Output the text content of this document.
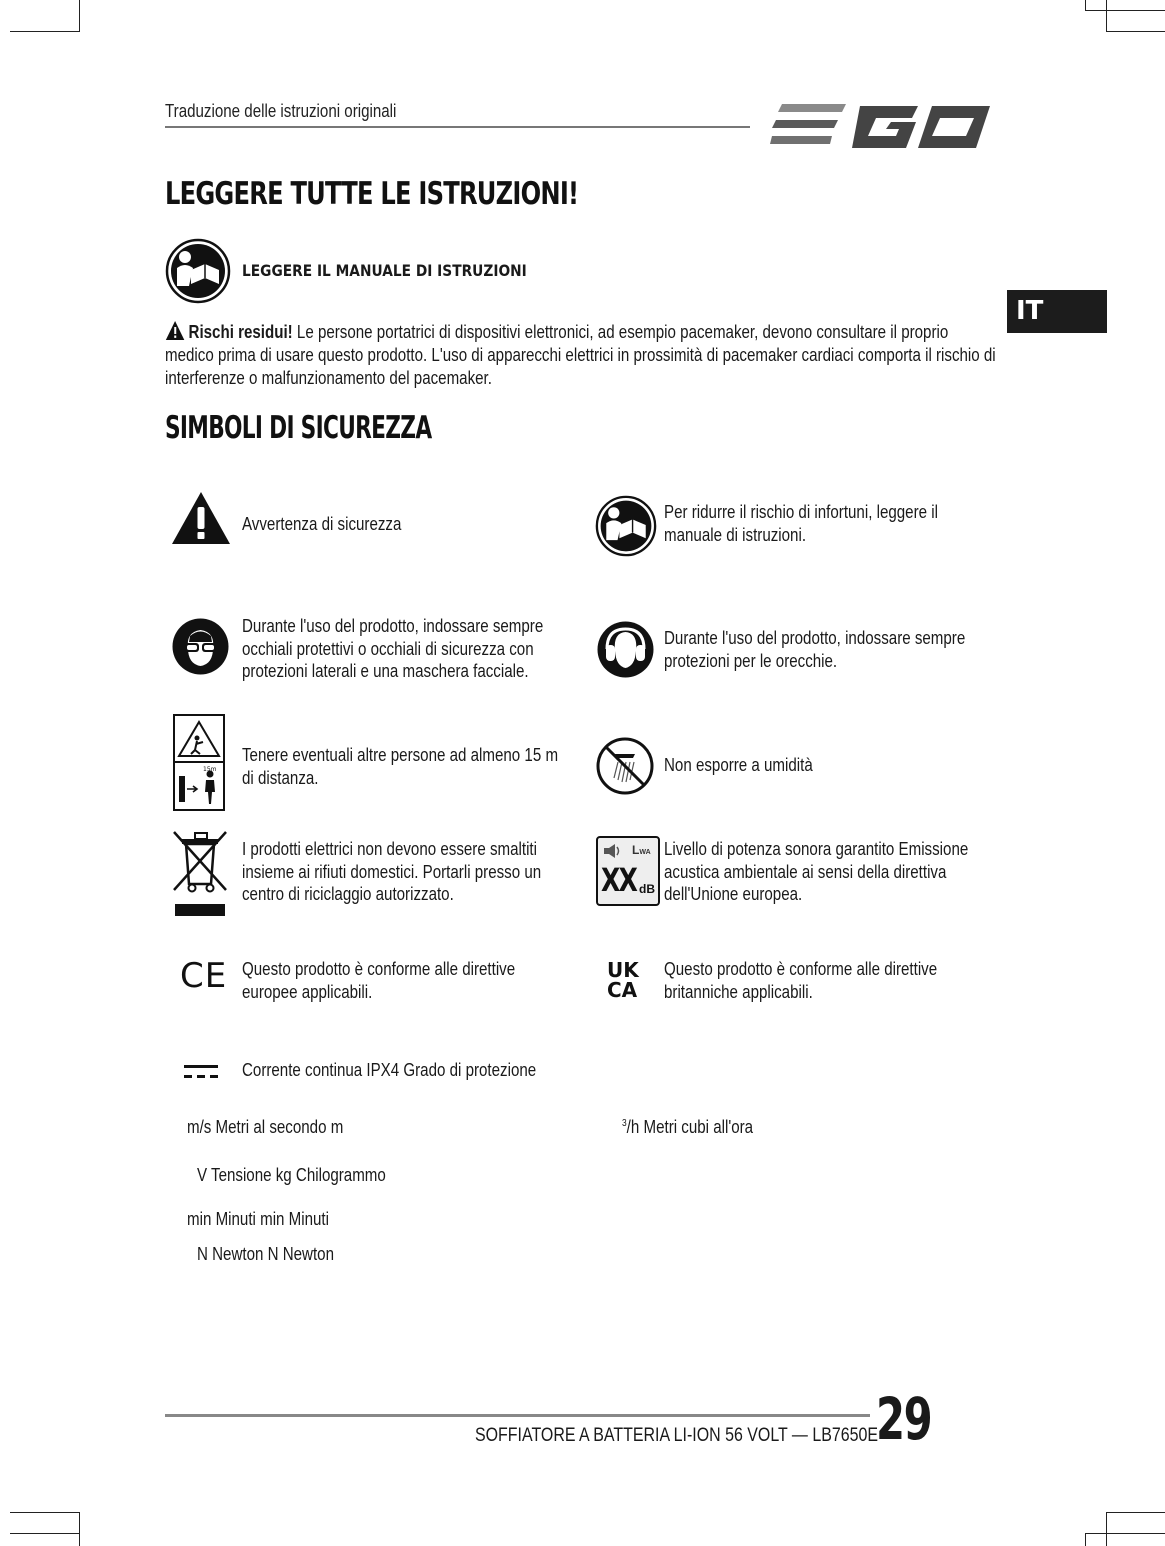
Traduzione delle istruzioni originali
IT
LEGGERE TUTTE LE ISTRUZIONI!
LEGGERE IL MANUALE DI ISTRUZIONI
Rischi residui! Le persone portatrici di dispositivi elettronici, ad esempio pacemaker, devono consultare il proprio medico prima di usare questo prodotto. L'uso di apparecchi elettrici in prossimità di pacemaker cardiaci comporta il rischio di interferenze o malfunzionamento del pacemaker.
SIMBOLI DI SICUREZZA
Avvertenza di sicurezza
Per ridurre il rischio di infortuni, leggere il manuale di istruzioni.
Durante l'uso del prodotto, indossare sempre occhiali protettivi o occhiali di sicurezza con protezioni laterali e una maschera facciale.
Durante l'uso del prodotto, indossare sempre protezioni per le orecchie.
15m
Tenere eventuali altre persone ad almeno 15 m di distanza.
Non esporre a umidità
I prodotti elettrici non devono essere smaltiti insieme ai rifiuti domestici. Portarli presso un centro di riciclaggio autorizzato.
LWA
XX dB
Livello di potenza sonora garantito Emissione acustica ambientale ai sensi della direttiva dell'Unione europea.
CE Questo prodotto è conforme alle direttive europee applicabili.
UK
CA
Questo prodotto è conforme alle direttive britanniche applicabili.
Corrente continua IPX4 Grado di protezione
m/s Metri al secondo m	$^3$/h Metri cubi all'ora
V Tensione kg Chilogrammo
min Minuti min Minuti
N Newton N Newton
SOFFIATORE A BATTERIA LI-ION 56 VOLT — LB7650E
29
